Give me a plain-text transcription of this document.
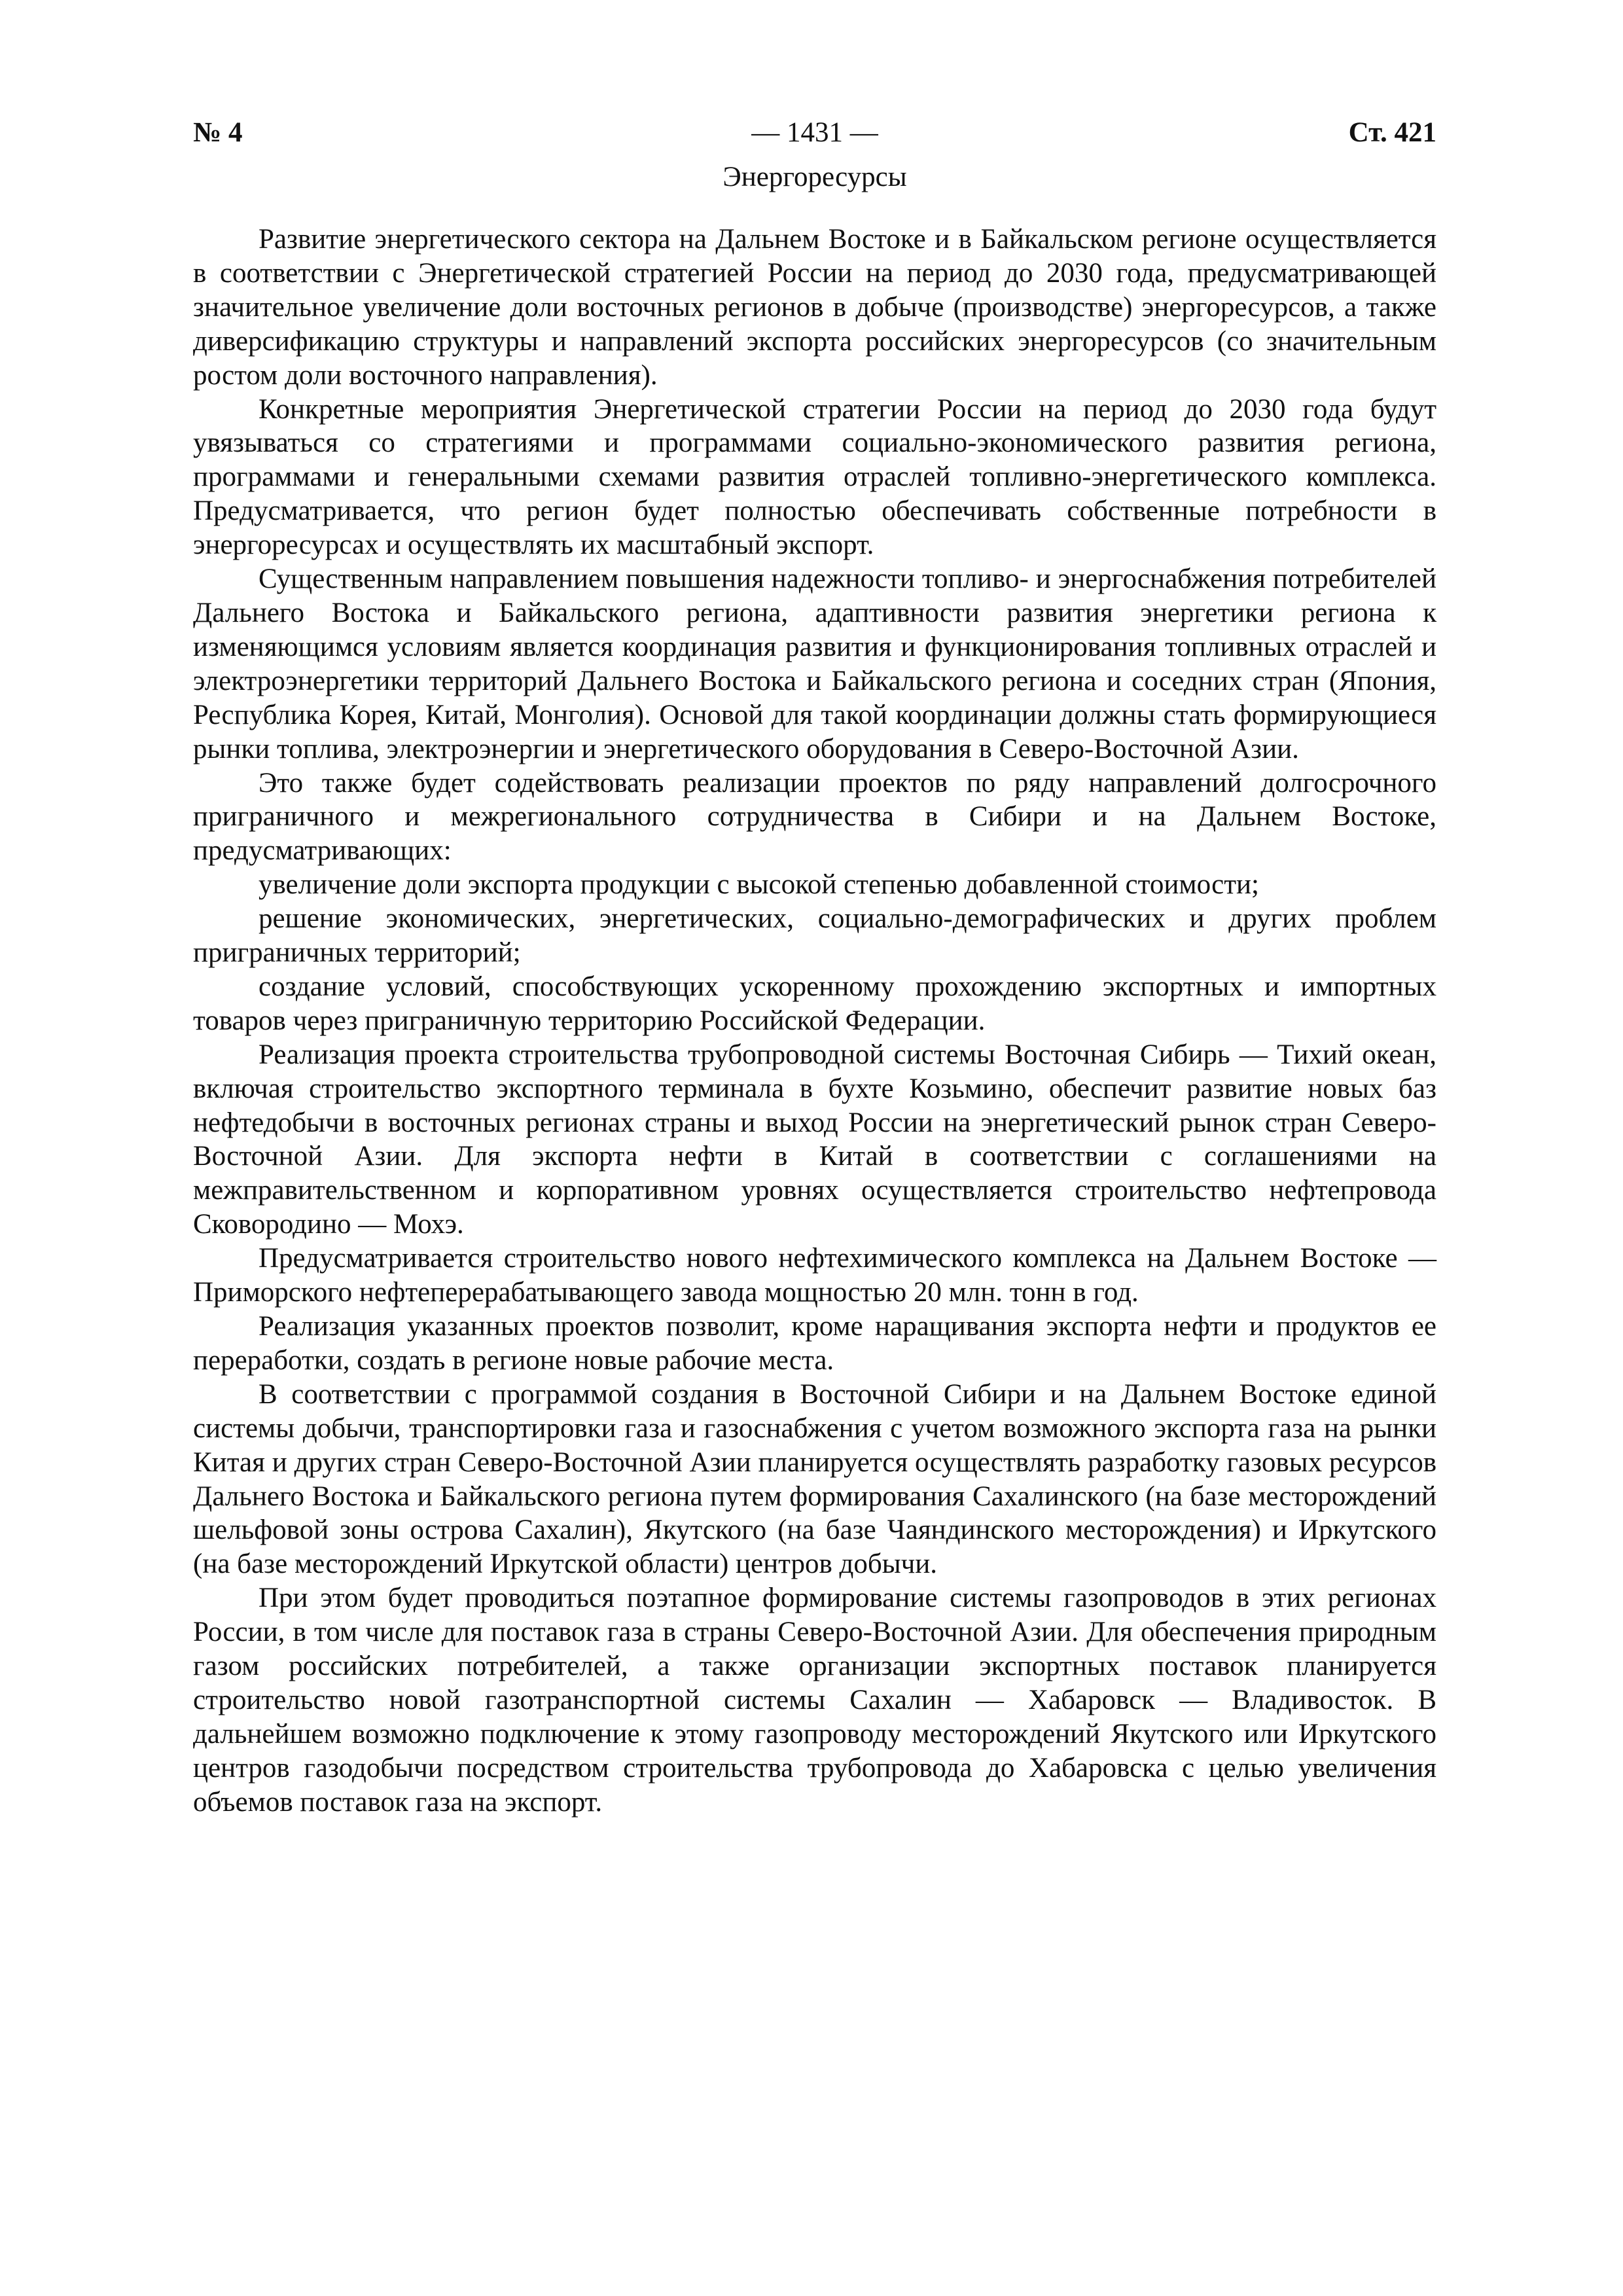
№ 4	— 1431 —	Ст. 421
Энергоресурсы

Развитие энергетического сектора на Дальнем Востоке и в Байкальском регионе осуществляется в соответствии с Энергетической стратегией России на период до 2030 года, предусматривающей значительное увеличение доли восточных регионов в добыче (производстве) энергоресурсов, а также диверсификацию структуры и направлений экспорта российских энергоресурсов (со значительным ростом доли восточного направления).

Конкретные мероприятия Энергетической стратегии России на период до 2030 года будут увязываться со стратегиями и программами социально-экономического развития региона, программами и генеральными схемами развития отраслей топливно-энергетического комплекса. Предусматривается, что регион будет полностью обеспечивать собственные потребности в энергоресурсах и осуществлять их масштабный экспорт.

Существенным направлением повышения надежности топливо- и энергоснабжения потребителей Дальнего Востока и Байкальского региона, адаптивности развития энергетики региона к изменяющимся условиям является координация развития и функционирования топливных отраслей и электроэнергетики территорий Дальнего Востока и Байкальского региона и соседних стран (Япония, Республика Корея, Китай, Монголия). Основой для такой координации должны стать формирующиеся рынки топлива, электроэнергии и энергетического оборудования в Северо-Восточной Азии.

Это также будет содействовать реализации проектов по ряду направлений долгосрочного приграничного и межрегионального сотрудничества в Сибири и на Дальнем Востоке, предусматривающих:

увеличение доли экспорта продукции с высокой степенью добавленной стоимости;

решение экономических, энергетических, социально-демографических и других проблем приграничных территорий;

создание условий, способствующих ускоренному прохождению экспортных и импортных товаров через приграничную территорию Российской Федерации.

Реализация проекта строительства трубопроводной системы Восточная Сибирь — Тихий океан, включая строительство экспортного терминала в бухте Козьмино, обеспечит развитие новых баз нефтедобычи в восточных регионах страны и выход России на энергетический рынок стран Северо-Восточной Азии. Для экспорта нефти в Китай в соответствии с соглашениями на межправительственном и корпоративном уровнях осуществляется строительство нефтепровода Сковородино — Мохэ.

Предусматривается строительство нового нефтехимического комплекса на Дальнем Востоке — Приморского нефтеперерабатывающего завода мощностью 20 млн. тонн в год.

Реализация указанных проектов позволит, кроме наращивания экспорта нефти и продуктов ее переработки, создать в регионе новые рабочие места.

В соответствии с программой создания в Восточной Сибири и на Дальнем Востоке единой системы добычи, транспортировки газа и газоснабжения с учетом возможного экспорта газа на рынки Китая и других стран Северо-Восточной Азии планируется осуществлять разработку газовых ресурсов Дальнего Востока и Байкальского региона путем формирования Сахалинского (на базе месторождений шельфовой зоны острова Сахалин), Якутского (на базе Чаяндинского месторождения) и Иркутского (на базе месторождений Иркутской области) центров добычи.

При этом будет проводиться поэтапное формирование системы газопроводов в этих регионах России, в том числе для поставок газа в страны Северо-Восточной Азии. Для обеспечения природным газом российских потребителей, а также организации экспортных поставок планируется строительство новой газотранспортной системы Сахалин — Хабаровск — Владивосток. В дальнейшем возможно подключение к этому газопроводу месторождений Якутского или Иркутского центров газодобычи посредством строительства трубопровода до Хабаровска с целью увеличения объемов поставок газа на экспорт.
